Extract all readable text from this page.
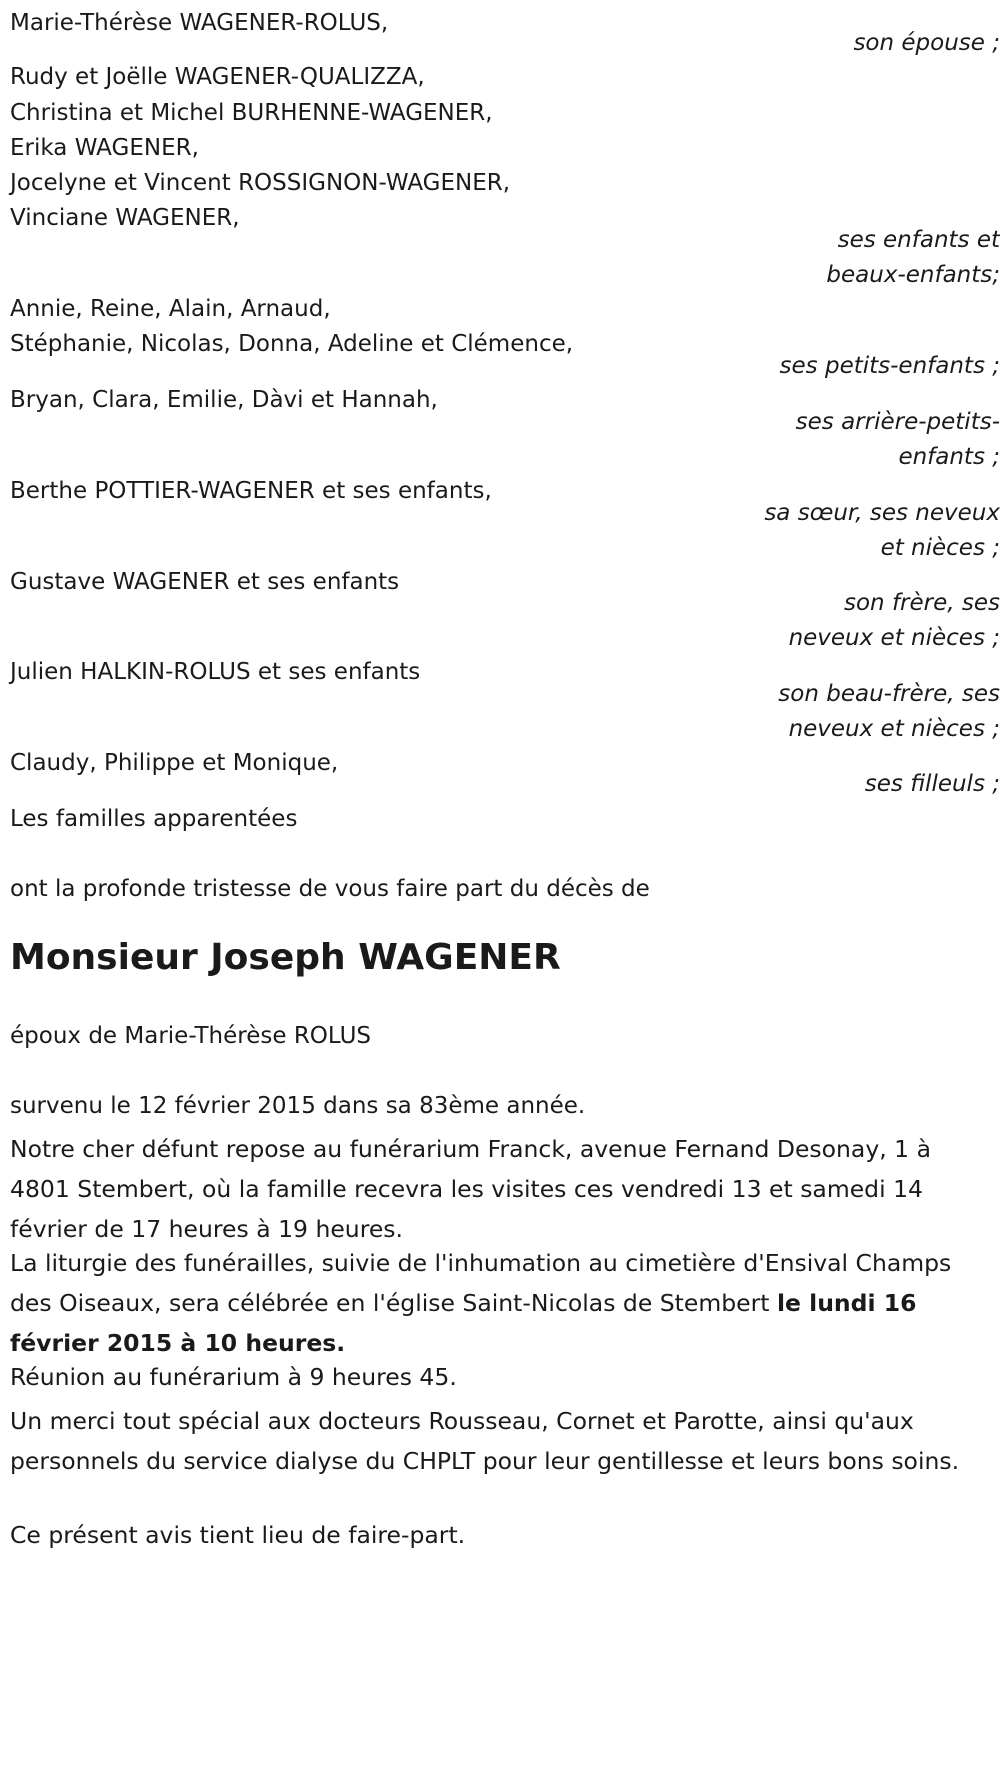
Marie-Thérèse WAGENER-ROLUS,
son épouse ;
Rudy et Joëlle WAGENER-QUALIZZA,
Christina et Michel BURHENNE-WAGENER,
Erika WAGENER,
Jocelyne et Vincent ROSSIGNON-WAGENER,
Vinciane WAGENER,
ses enfants et
beaux-enfants;
Annie, Reine, Alain, Arnaud,
Stéphanie, Nicolas, Donna, Adeline et Clémence,
ses petits-enfants ;
Bryan, Clara, Emilie, Dàvi et Hannah,
ses arrière-petits-
enfants ;
Berthe POTTIER-WAGENER et ses enfants,
sa sœur, ses neveux
et nièces ;
Gustave WAGENER et ses enfants
son frère, ses
neveux et nièces ;
Julien HALKIN-ROLUS et ses enfants
son beau-frère, ses
neveux et nièces ;
Claudy, Philippe et Monique,
ses filleuls ;
Les familles apparentées
ont la profonde tristesse de vous faire part du décès de
Monsieur Joseph WAGENER
époux de Marie-Thérèse ROLUS
survenu le 12 février 2015 dans sa 83ème année.
Notre cher défunt repose au funérarium Franck, avenue Fernand Desonay, 1 à 4801 Stembert, où la famille recevra les visites ces vendredi 13 et samedi 14 février de 17 heures à 19 heures.
La liturgie des funérailles, suivie de l'inhumation au cimetière d'Ensival Champs des Oiseaux, sera célébrée en l'église Saint-Nicolas de Stembert le lundi 16 février 2015 à 10 heures.
Réunion au funérarium à 9 heures 45.
Un merci tout spécial aux docteurs Rousseau, Cornet et Parotte, ainsi qu'aux personnels du service dialyse du CHPLT pour leur gentillesse et leurs bons soins.
Ce présent avis tient lieu de faire-part.
